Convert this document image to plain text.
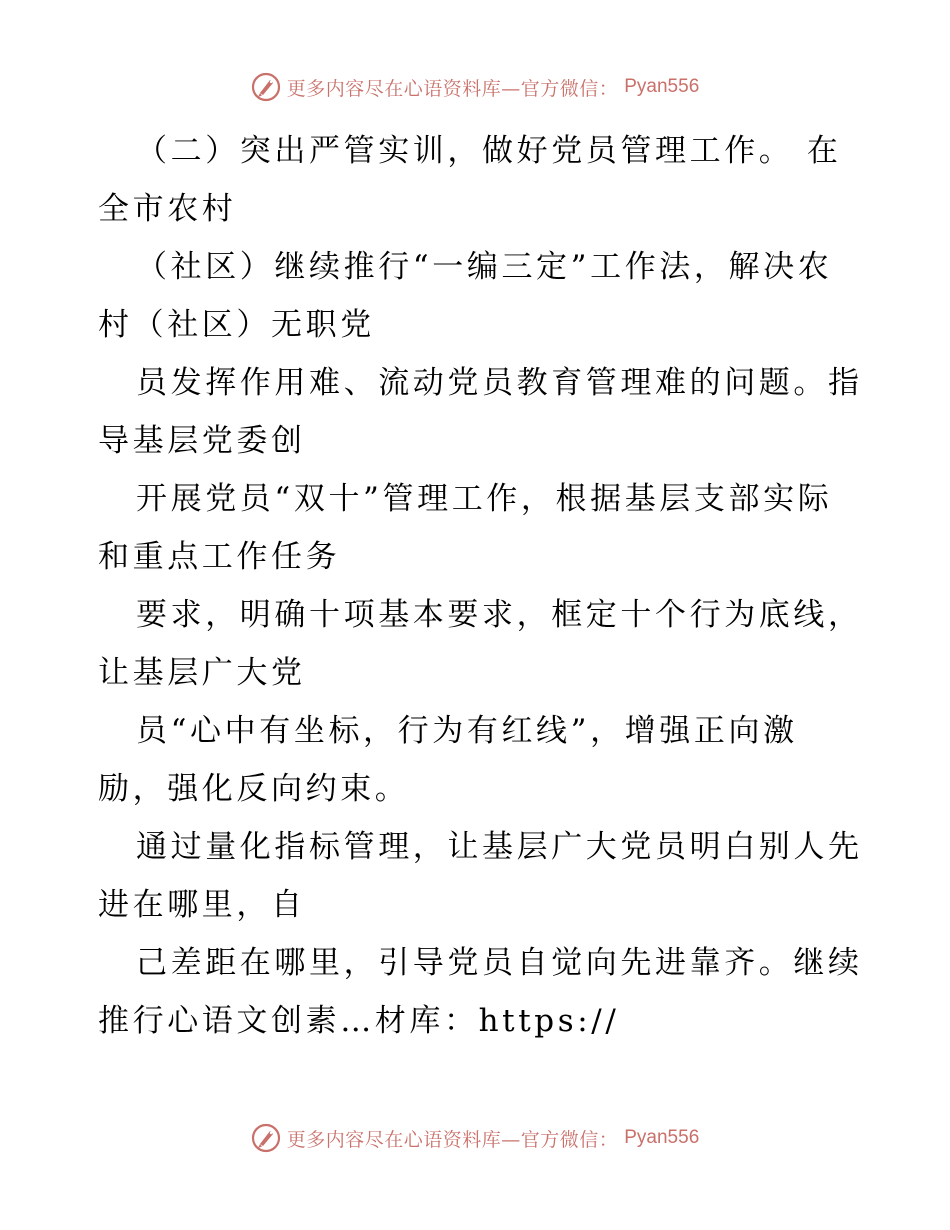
更多内容尽在心语资料库—官方微信： Pyan556
（二）突出严管实训，做好党员管理工作。 在
全市农村
（社区）继续推行“一编三定”工作法，解决农
村（社区）无职党
员发挥作用难、流动党员教育管理难的问题。指
导基层党委创
开展党员“双十”管理工作，根据基层支部实际
和重点工作任务
要求，明确十项基本要求，框定十个行为底线，
让基层广大党
员“心中有坐标，行为有红线”，增强正向激
励，强化反向约束。
通过量化指标管理，让基层广大党员明白别人先
进在哪里，自
己差距在哪里，引导党员自觉向先进靠齐。继续
推行心语文创素…材库：https://
更多内容尽在心语资料库—官方微信： Pyan556
